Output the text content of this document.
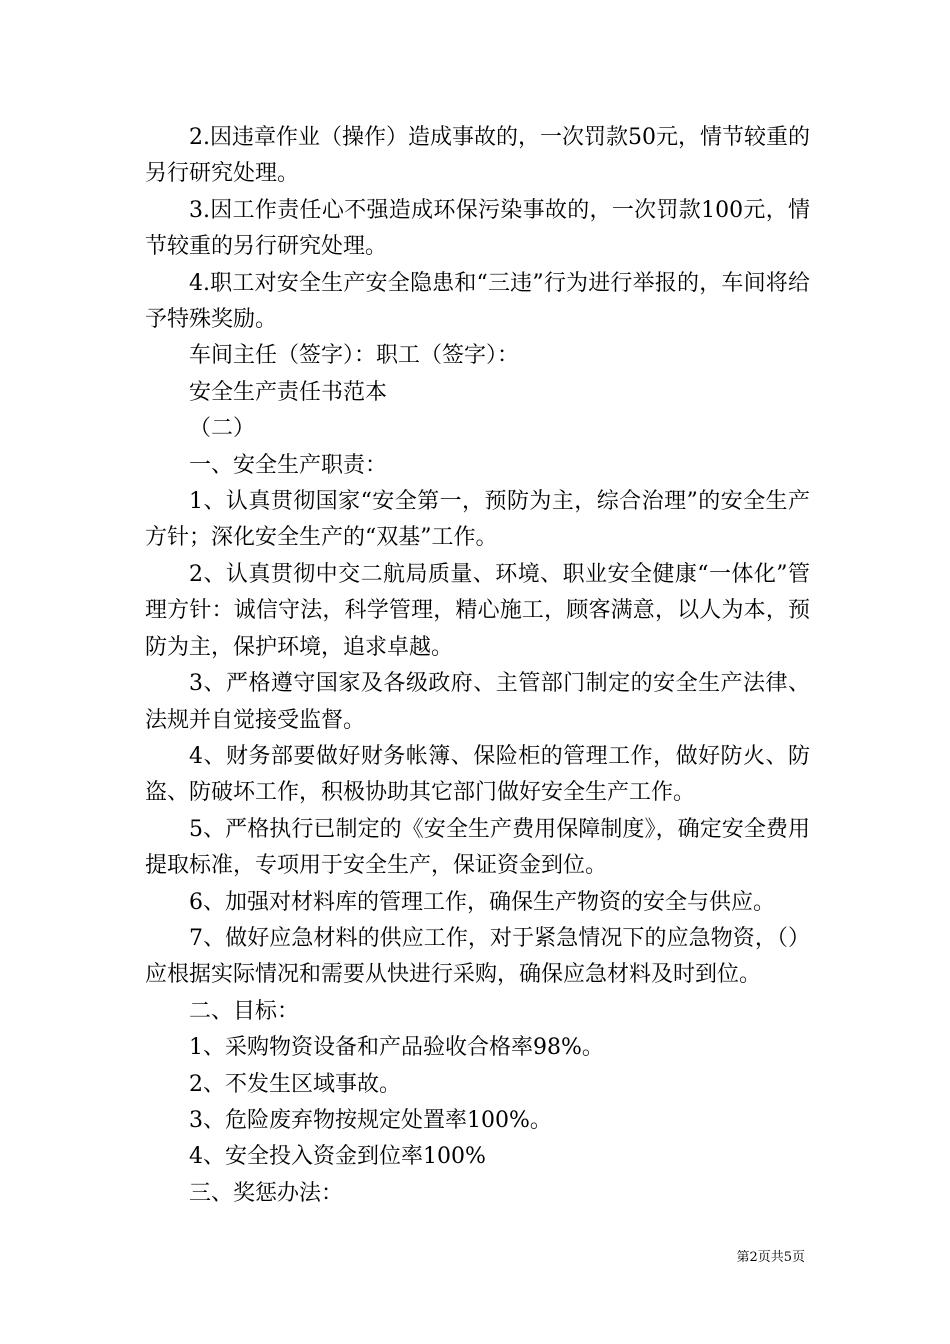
2.因违章作业（操作）造成事故的，一次罚款50元，情节较重的另行研究处理。

3.因工作责任心不强造成环保污染事故的，一次罚款100元，情节较重的另行研究处理。

4.职工对安全生产安全隐患和“三违”行为进行举报的，车间将给予特殊奖励。

车间主任（签字）：职工（签字）：

安全生产责任书范本

（二）

一、安全生产职责：

1、认真贯彻国家“安全第一，预防为主，综合治理”的安全生产方针；深化安全生产的“双基”工作。

2、认真贯彻中交二航局质量、环境、职业安全健康“一体化”管理方针：诚信守法，科学管理，精心施工，顾客满意，以人为本，预防为主，保护环境，追求卓越。

3、严格遵守国家及各级政府、主管部门制定的安全生产法律、法规并自觉接受监督。

4、财务部要做好财务帐簿、保险柜的管理工作，做好防火、防盗、防破坏工作，积极协助其它部门做好安全生产工作。

5、严格执行已制定的《安全生产费用保障制度》，确定安全费用提取标准，专项用于安全生产，保证资金到位。

6、加强对材料库的管理工作，确保生产物资的安全与供应。

7、做好应急材料的供应工作，对于紧急情况下的应急物资，（）应根据实际情况和需要从快进行采购，确保应急材料及时到位。

二、目标：

1、采购物资设备和产品验收合格率98%。

2、不发生区域事故。

3、危险废弃物按规定处置率100%。

4、安全投入资金到位率100%

三、奖惩办法：

第2页共5页
